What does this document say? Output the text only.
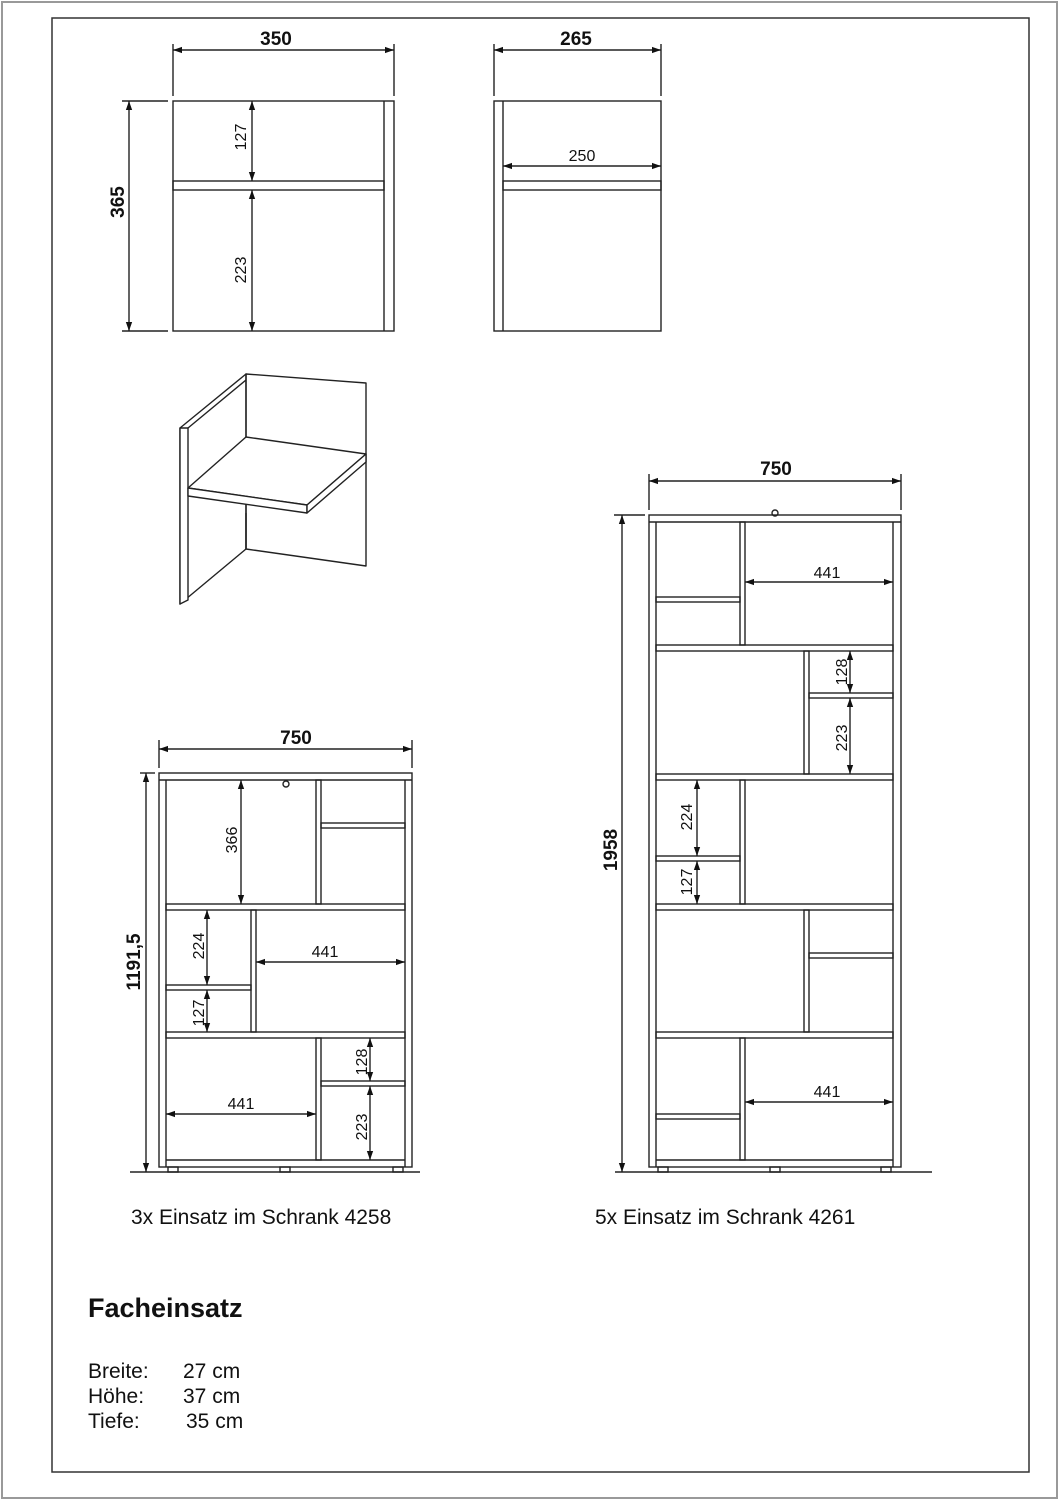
350
365
127
223
265
250
750
1191,5
366
224
127
441
441
128
223
750
1958
441
128
223
224
127
441
3x Einsatz im Schrank 4258	5x Einsatz im Schrank 4261
Facheinsatz
Breite: 27 cm
Höhe: 37 cm
Tiefe: 35 cm
